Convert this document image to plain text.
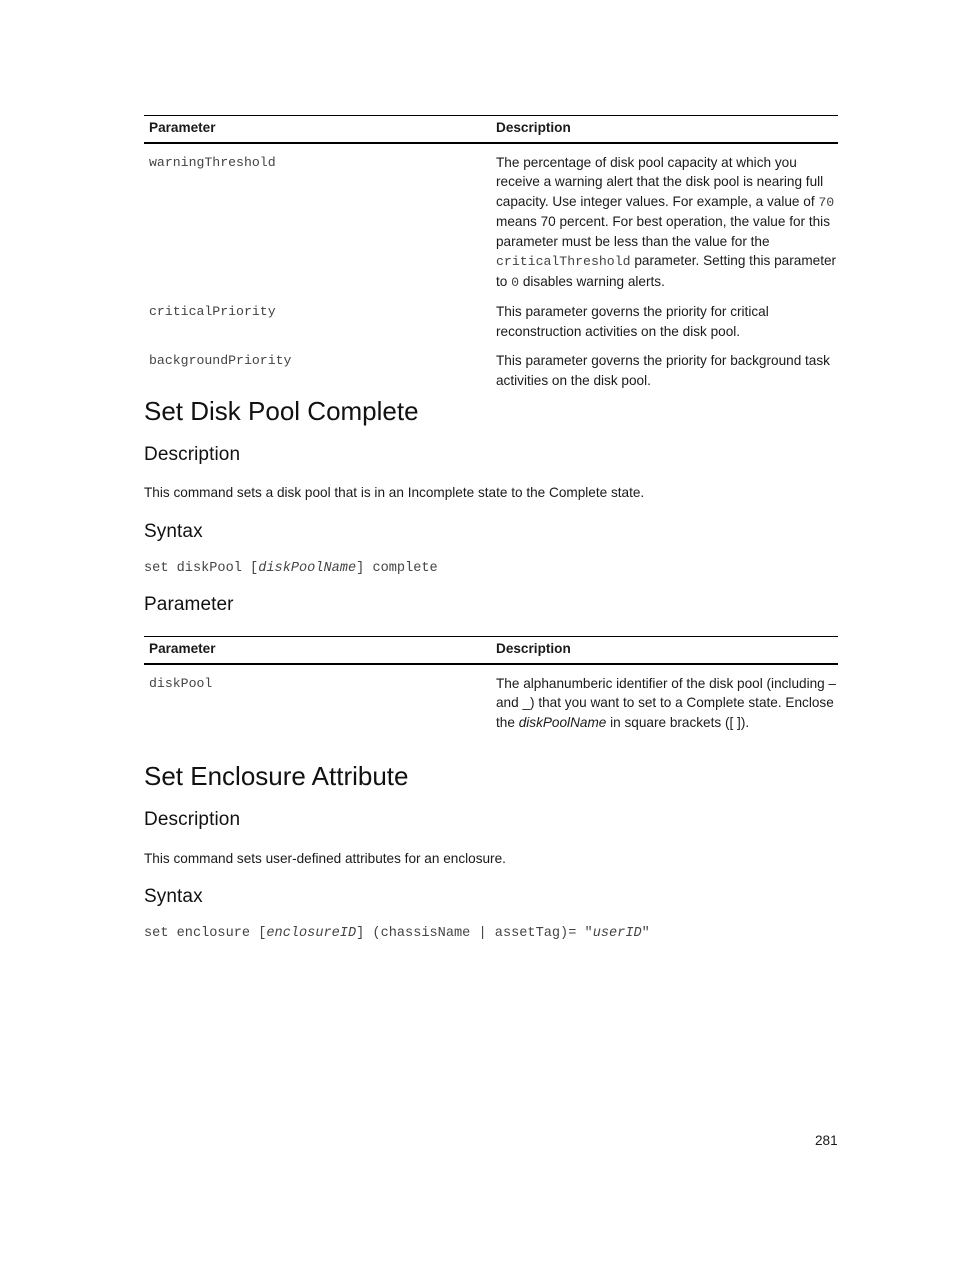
Parameter	Description

warningThreshold	The percentage of disk pool capacity at which you receive a warning alert that the disk pool is nearing full capacity. Use integer values. For example, a value of 70 means 70 percent. For best operation, the value for this parameter must be less than the value for the criticalThreshold parameter. Setting this parameter to 0 disables warning alerts.

criticalPriority	This parameter governs the priority for critical reconstruction activities on the disk pool.

backgroundPriority	This parameter governs the priority for background task activities on the disk pool.
Set Disk Pool Complete
Description

This command sets a disk pool that is in an Incomplete state to the Complete state.

Syntax

set diskPool [diskPoolName] complete

Parameter
Parameter	Description

diskPool	The alphanumberic identifier of the disk pool (including – and _) that you want to set to a Complete state. Enclose the diskPoolName in square brackets ([ ]).
Set Enclosure Attribute
Description

This command sets user-defined attributes for an enclosure.

Syntax

set enclosure [enclosureID] (chassisName | assetTag)= "userID"

281
